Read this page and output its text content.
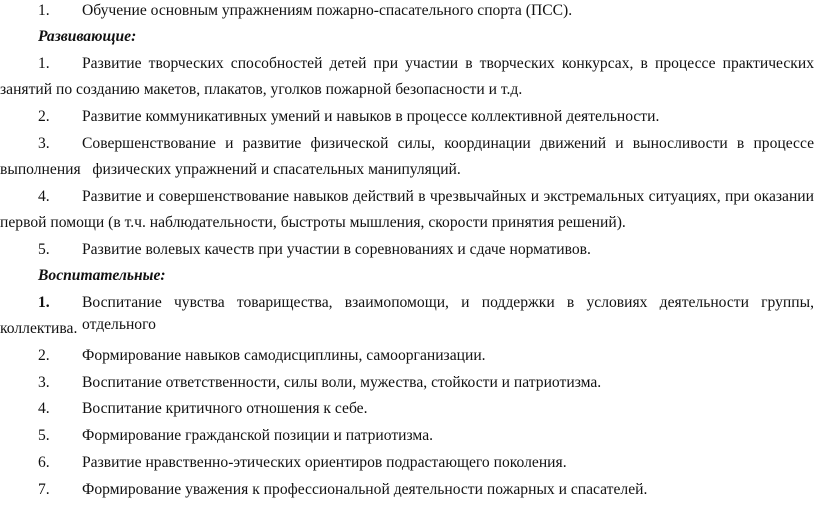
1. Обучение основным упражнениям пожарно-спасательного спорта (ПСС).
Развивающие:
1. Развитие творческих способностей детей при участии в творческих конкурсах, в процессе практических
занятий по созданию макетов, плакатов, уголков пожарной безопасности и т.д.
2. Развитие коммуникативных умений и навыков в процессе коллективной деятельности.
3. Совершенствование и развитие физической силы, координации движений и выносливости в процессе
выполнения   физических упражнений и спасательных манипуляций.
4. Развитие и совершенствование навыков действий в чрезвычайных и экстремальных ситуациях, при оказании
первой помощи (в т.ч. наблюдательности, быстроты мышления, скорости принятия решений).
5. Развитие волевых качеств при участии в соревнованиях и сдаче нормативов.
Воспитательные:
1. Воспитание чувства товарищества, взаимопомощи, и поддержки в условиях деятельности группы, отдельного
коллектива.
2. Формирование навыков самодисциплины, самоорганизации.
3. Воспитание ответственности, силы воли, мужества, стойкости и патриотизма.
4. Воспитание критичного отношения к себе.
5. Формирование гражданской позиции и патриотизма.
6. Развитие нравственно-этических ориентиров подрастающего поколения.
7. Формирование уважения к профессиональной деятельности пожарных и спасателей.
